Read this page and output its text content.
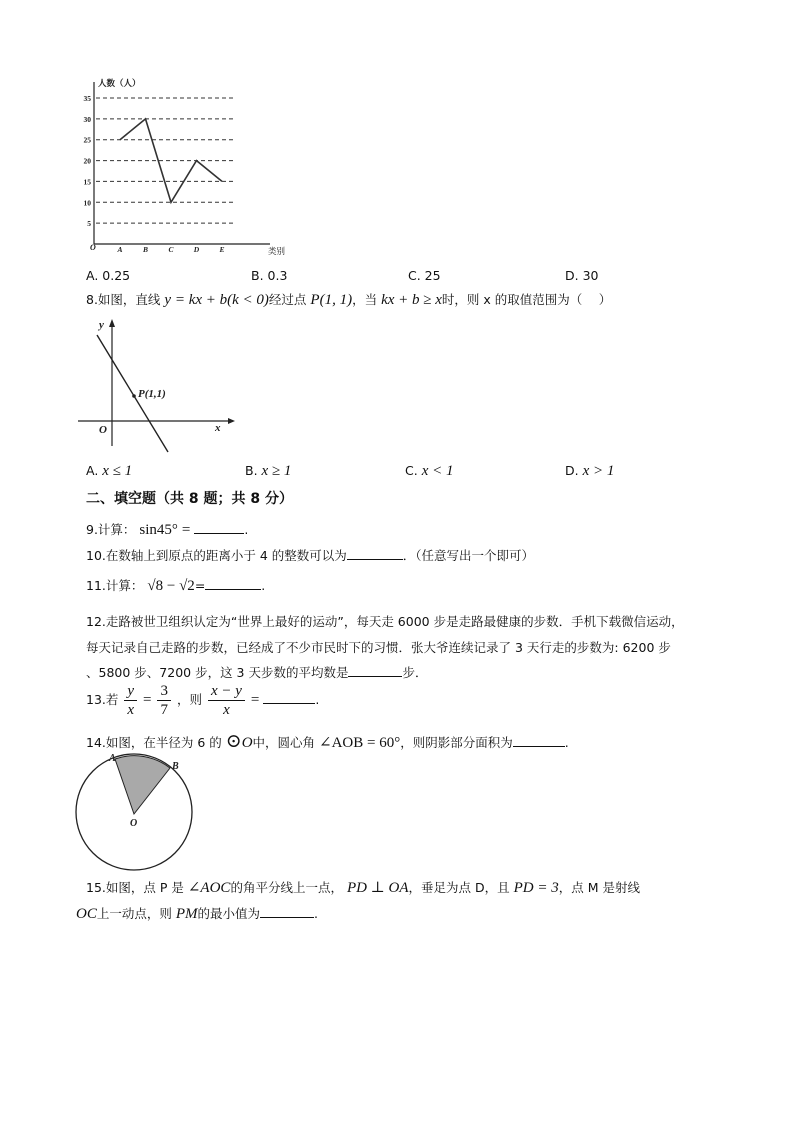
人数（人）
类别
O
5
10
15
20
25
30
35
A	B	C	D	E
A. 0.25	B. 0.3	C. 25	D. 30
8.如图，直线 y = kx + b(k < 0)经过点 P(1, 1)，当 kx + b ≥ x时，则 x 的取值范围为（　 ）
P(1,1)
x
y
O
A. x ≤ 1	B. x ≥ 1	C. x < 1	D. x > 1
二、填空题（共 8 题；共 8 分）
9.计算： sin45° =	.
10.在数轴上到原点的距离小于 4 的整数可以为	．（任意写出一个即可）
11.计算： √8 − √2=	.
12.走路被世卫组织认定为“世界上最好的运动”，每天走 6000 步是走路最健康的步数．手机下载微信运动，
每天记录自己走路的步数，已经成了不少市民时下的习惯．张大爷连续记录了 3 天行走的步数为: 6200 步
、5800 步、7200 步，这 3 天步数的平均数是	步．
13.若 $\frac{y}{x} = \frac{3}{7}$ ，则 $\frac{x - y}{x}$ =	.
14.如图，在半径为 6 的 ⊙O中，圆心角 ∠AOB = 60°，则阴影部分面积为	.
A
B
O
15.如图，点 P 是 ∠AOC的角平分线上一点， PD ⊥ OA，垂足为点 D，且 PD = 3，点 M 是射线
OC上一动点，则 PM的最小值为	.
